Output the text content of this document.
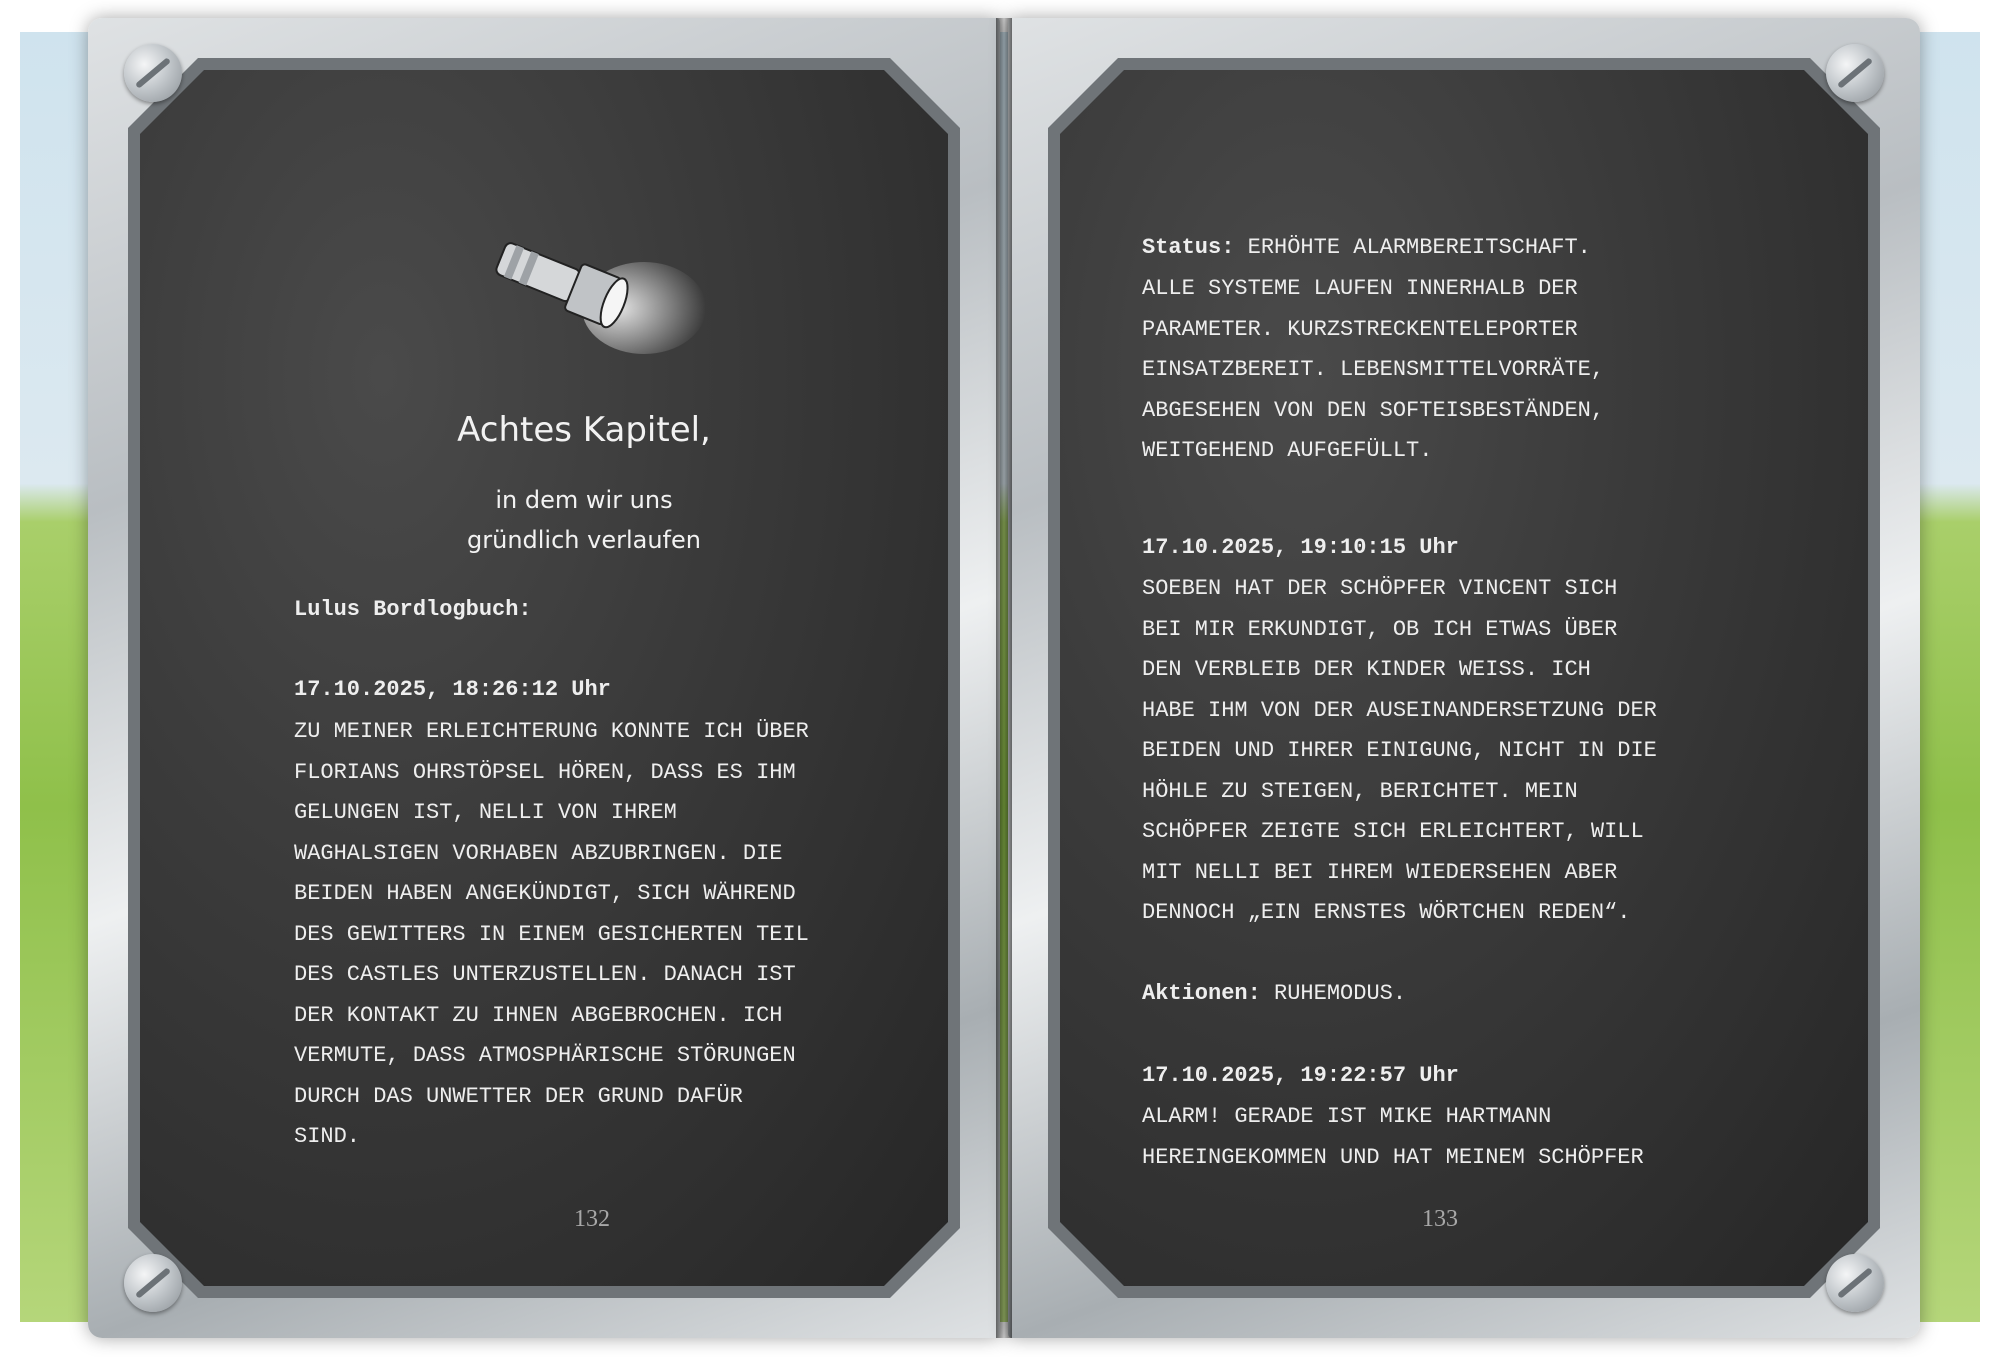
Achtes Kapitel,
in dem wir uns
gründlich verlaufen
Lulus Bordlogbuch:
17.10.2025, 18:26:12 Uhr
ZU MEINER ERLEICHTERUNG KONNTE ICH ÜBER
FLORIANS OHRSTÖPSEL HÖREN, DASS ES IHM
GELUNGEN IST, NELLI VON IHREM
WAGHALSIGEN VORHABEN ABZUBRINGEN. DIE
BEIDEN HABEN ANGEKÜNDIGT, SICH WÄHREND
DES GEWITTERS IN EINEM GESICHERTEN TEIL
DES CASTLES UNTERZUSTELLEN. DANACH IST
DER KONTAKT ZU IHNEN ABGEBROCHEN. ICH
VERMUTE, DASS ATMOSPHÄRISCHE STÖRUNGEN
DURCH DAS UNWETTER DER GRUND DAFÜR
SIND.
132
Status: ERHÖHTE ALARMBEREITSCHAFT.
ALLE SYSTEME LAUFEN INNERHALB DER
PARAMETER. KURZSTRECKENTELEPORTER
EINSATZBEREIT. LEBENSMITTELVORRÄTE,
ABGESEHEN VON DEN SOFTEISBESTÄNDEN,
WEITGEHEND AUFGEFÜLLT.
17.10.2025, 19:10:15 Uhr
SOEBEN HAT DER SCHÖPFER VINCENT SICH
BEI MIR ERKUNDIGT, OB ICH ETWAS ÜBER
DEN VERBLEIB DER KINDER WEISS. ICH
HABE IHM VON DER AUSEINANDERSETZUNG DER
BEIDEN UND IHRER EINIGUNG, NICHT IN DIE
HÖHLE ZU STEIGEN, BERICHTET. MEIN
SCHÖPFER ZEIGTE SICH ERLEICHTERT, WILL
MIT NELLI BEI IHREM WIEDERSEHEN ABER
DENNOCH „EIN ERNSTES WÖRTCHEN REDEN“.
Aktionen: RUHEMODUS.
17.10.2025, 19:22:57 Uhr
ALARM! GERADE IST MIKE HARTMANN
HEREINGEKOMMEN UND HAT MEINEM SCHÖPFER
133
